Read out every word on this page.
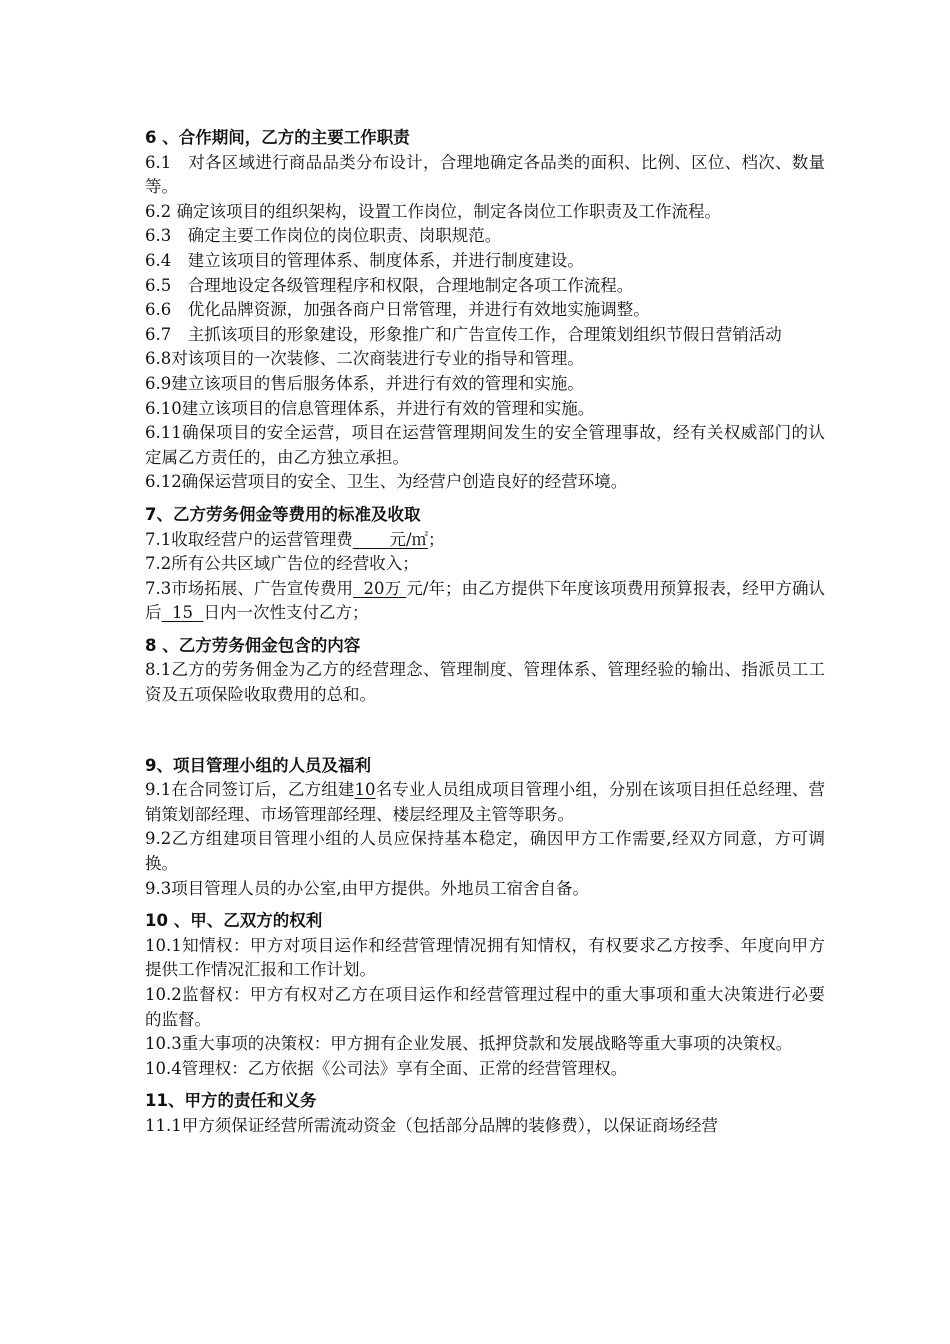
6 、合作期间，乙方的主要工作职责
6.1　对各区域进行商品品类分布设计，合理地确定各品类的面积、比例、区位、档次、数量等。
6.2 确定该项目的组织架构，设置工作岗位，制定各岗位工作职责及工作流程。
6.3　确定主要工作岗位的岗位职责、岗职规范。
6.4　建立该项目的管理体系、制度体系，并进行制度建设。
6.5　合理地设定各级管理程序和权限，合理地制定各项工作流程。
6.6　优化品牌资源，加强各商户日常管理，并进行有效地实施调整。
6.7　主抓该项目的形象建设，形象推广和广告宣传工作，合理策划组织节假日营销活动
6.8对该项目的一次装修、二次商装进行专业的指导和管理。
6.9建立该项目的售后服务体系，并进行有效的管理和实施。
6.10建立该项目的信息管理体系，并进行有效的管理和实施。
6.11确保项目的安全运营，项目在运营管理期间发生的安全管理事故，经有关权威部门的认定属乙方责任的，由乙方独立承担。
6.12确保运营项目的安全、卫生、为经营户创造良好的经营环境。
7、乙方劳务佣金等费用的标准及收取
7.1收取经营户的运营管理费 元/㎡；
7.2所有公共区域广告位的经营收入；
7.3市场拓展、广告宣传费用  20万 元/年；由乙方提供下年度该项费用预算报表，经甲方确认后  15  日内一次性支付乙方；
8 、乙方劳务佣金包含的内容
8.1乙方的劳务佣金为乙方的经营理念、管理制度、管理体系、管理经验的输出、指派员工工资及五项保险收取费用的总和。
9、项目管理小组的人员及福利
9.1在合同签订后，乙方组建10名专业人员组成项目管理小组，分别在该项目担任总经理、营销策划部经理、市场管理部经理、楼层经理及主管等职务。
9.2乙方组建项目管理小组的人员应保持基本稳定，确因甲方工作需要,经双方同意，方可调换。
9.3项目管理人员的办公室,由甲方提供。外地员工宿舍自备。
10 、甲、乙双方的权利
10.1知情权：甲方对项目运作和经营管理情况拥有知情权，有权要求乙方按季、年度向甲方提供工作情况汇报和工作计划。
10.2监督权：甲方有权对乙方在项目运作和经营管理过程中的重大事项和重大决策进行必要的监督。
10.3重大事项的决策权：甲方拥有企业发展、抵押贷款和发展战略等重大事项的决策权。
10.4管理权：乙方依据《公司法》享有全面、正常的经营管理权。
11、甲方的责任和义务
11.1甲方须保证经营所需流动资金（包括部分品牌的装修费），以保证商场经营
